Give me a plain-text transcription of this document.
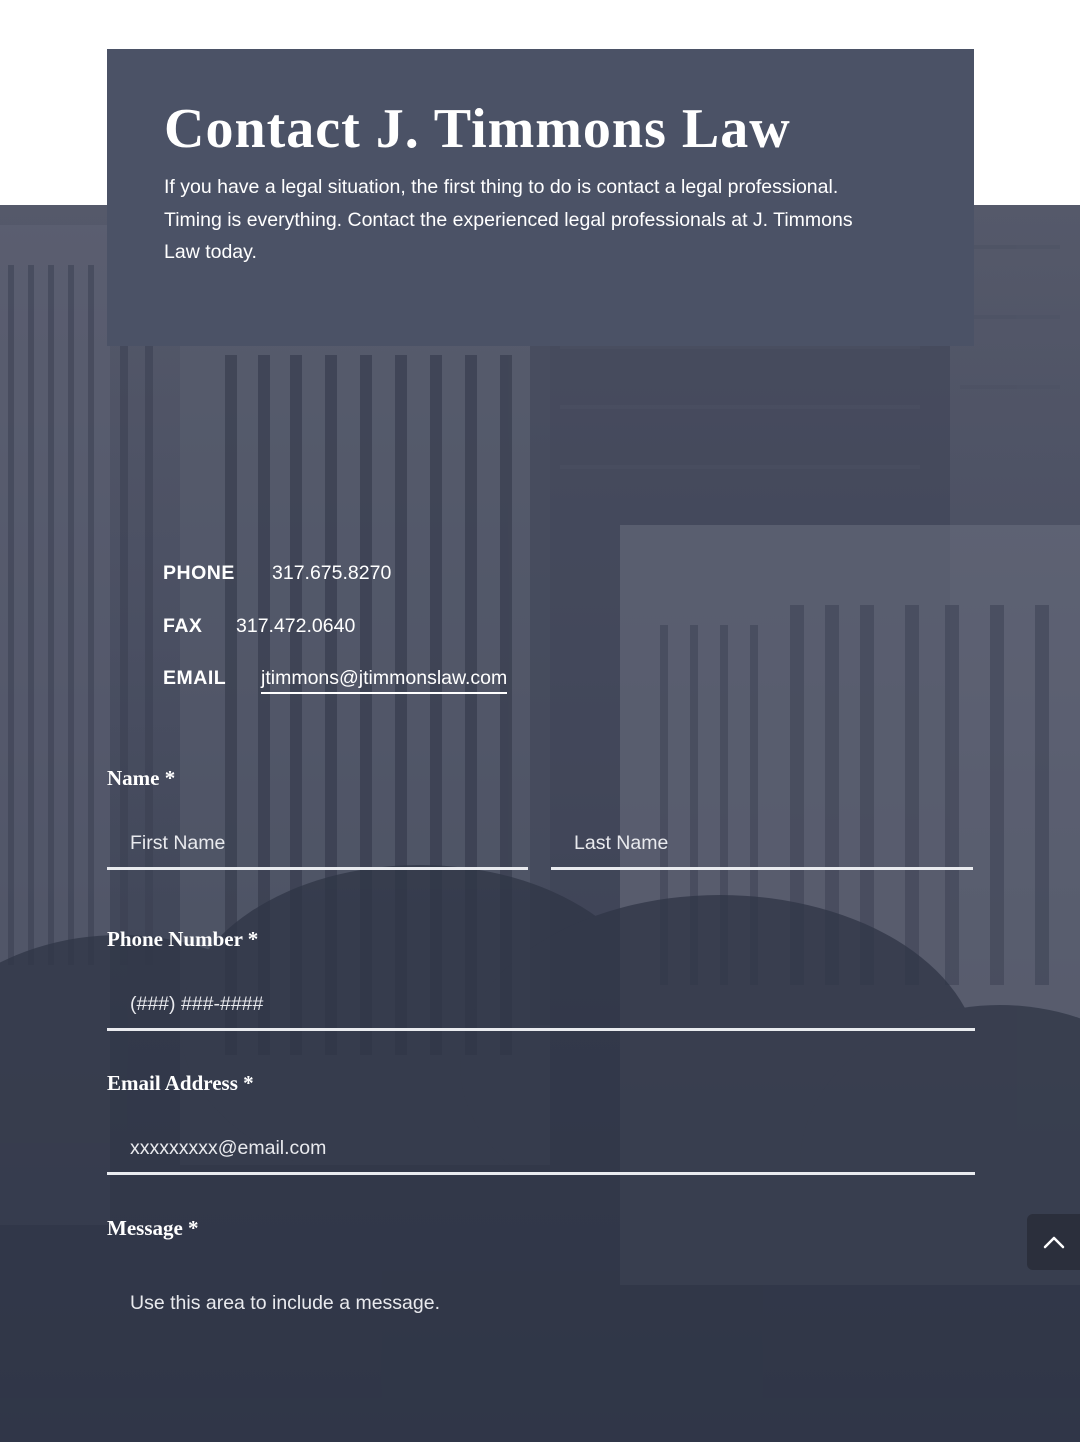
Contact J. Timmons Law

If you have a legal situation, the first thing to do is contact a legal professional. Timing is everything. Contact the experienced legal professionals at J. Timmons Law today.

PHONE 317.675.8270
FAX 317.472.0640
EMAIL jtimmons@jtimmonslaw.com
Name *
First Name	Last Name
Phone Number *
(###) ###-####
Email Address *
xxxxxxxxx@email.com
Message *
Use this area to include a message.
